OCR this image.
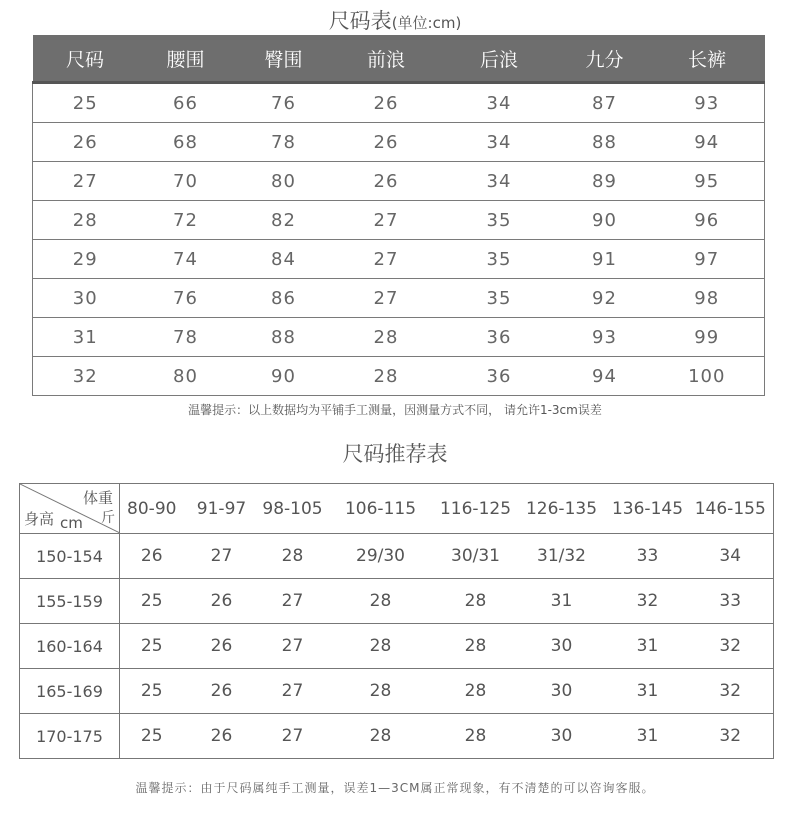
尺码表(单位:cm)
尺码	腰围	臀围	前浪	后浪	九分	长裤
25	66	76	26	34	87	93
26	68	78	26	34	88	94
27	70	80	26	34	89	95
28	72	82	27	35	90	96
29	74	84	27	35	91	97
30	76	86	27	35	92	98
31	78	88	28	36	93	99
32	80	90	28	36	94	100
温馨提示：以上数据均为平铺手工测量，因测量方式不同， 请允许1-3cm误差
尺码推荐表
体重
身高 cm 斤	80-90	91-97	98-105	106-115	116-125	126-135	136-145	146-155
150-154	26	27	28	29/30	30/31	31/32	33	34
155-159	25	26	27	28	28	31	32	33
160-164	25	26	27	28	28	30	31	32
165-169	25	26	27	28	28	30	31	32
170-175	25	26	27	28	28	30	31	32
温馨提示：由于尺码属纯手工测量，误差1—3CM属正常现象，有不清楚的可以咨询客服。
